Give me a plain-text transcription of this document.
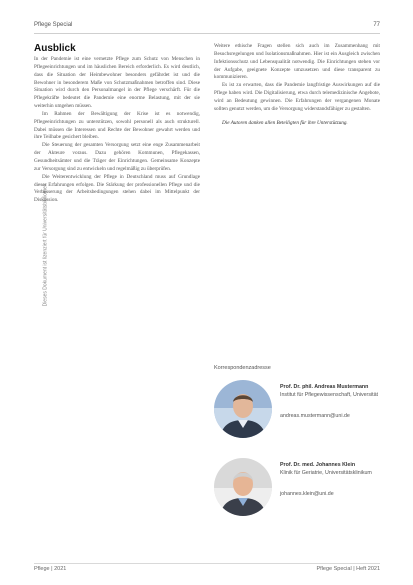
Pflege Special	77
Dieses Dokument ist lizenziert für Universitätsbibliothek
Ausblick

In der Pandemie ist eine vernetzte Pflege zum Schutz von Menschen in Pflegeeinrichtungen und im häuslichen Bereich erforderlich. Es wird deutlich, dass die Situation der Heimbewohner besonders gefährdet ist und die Bewohner in besonderem Maße von Schutzmaßnahmen betroffen sind. Diese Situation wird durch den Personalmangel in der Pflege verschärft. Für die Pflegekräfte bedeutet die Pandemie eine enorme Belastung, mit der sie weiterhin umgehen müssen.

Im Rahmen der Bewältigung der Krise ist es notwendig, Pflegeeinrichtungen zu unterstützen, sowohl personell als auch strukturell. Dabei müssen die Interessen und Rechte der Bewohner gewahrt werden und ihre Teilhabe gesichert bleiben.

Die Steuerung der gesamten Versorgung setzt eine enge Zusammenarbeit der Akteure voraus. Dazu gehören Kommunen, Pflegekassen, Gesundheitsämter und die Träger der Einrichtungen. Gemeinsame Konzepte zur Versorgung sind zu entwickeln und regelmäßig zu überprüfen.

Die Weiterentwicklung der Pflege in Deutschland muss auf Grundlage dieser Erfahrungen erfolgen. Die Stärkung der professionellen Pflege und die Verbesserung der Arbeitsbedingungen stehen dabei im Mittelpunkt der Diskussion.

Weitere ethische Fragen stellen sich auch im Zusammenhang mit Besuchsregelungen und Isolationsmaßnahmen. Hier ist ein Ausgleich zwischen Infektionsschutz und Lebensqualität notwendig. Die Einrichtungen stehen vor der Aufgabe, geeignete Konzepte umzusetzen und diese transparent zu kommunizieren.

Es ist zu erwarten, dass die Pandemie langfristige Auswirkungen auf die Pflege haben wird. Die Digitalisierung, etwa durch telemedizinische Angebote, wird an Bedeutung gewinnen. Die Erfahrungen der vergangenen Monate sollten genutzt werden, um die Versorgung widerstandsfähiger zu gestalten.

Die Autoren danken allen Beteiligten für ihre Unterstützung.

Korrespondenzadresse
Prof. Dr. phil. Andreas Mustermann
Institut für Pflegewissenschaft, Universität
andreas.mustermann@uni.de
Prof. Dr. med. Johannes Klein
Klinik für Geriatrie, Universitätsklinikum
johannes.klein@uni.de
Pflege | 2021	Pflege Special | Heft 2021
